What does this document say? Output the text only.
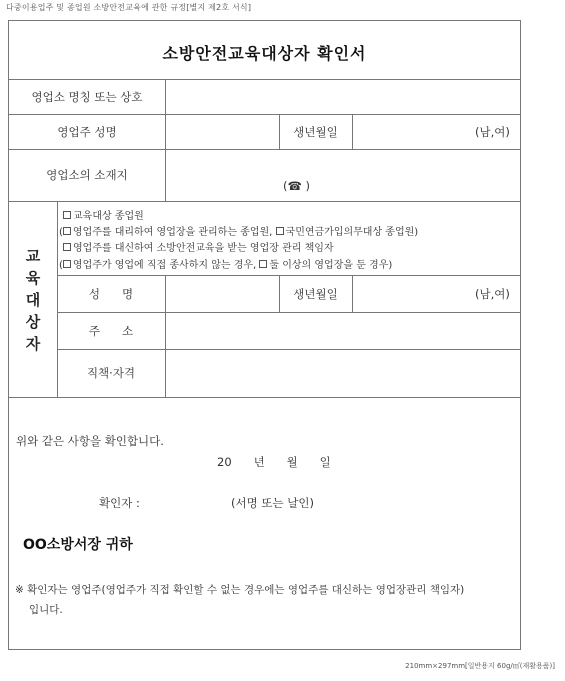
다중이용업주 및 종업원 소방안전교육에 관한 규정[별지 제2호 서식]
소방안전교육대상자 확인서
영업소 명칭 또는 상호
영업주 성명	생년월일	(남,여)
영업소의 소재지
(☎ )
교
육
대
상
자
교육대상 종업원
( 영업주를 대리하여 영업장을 관리하는 종업원, 국민연금가입의무대상 종업원)
영업주를 대신하여 소방안전교육을 받는 영업장 관리 책임자
( 영업주가 영업에 직접 종사하지 않는 경우, 둘 이상의 영업장을 둔 경우)
성      명	생년월일	(남,여)
주      소
직책·자격
위와 같은 사항을 확인합니다.
20      년      월      일
확인자 :	(서명 또는 날인)
OO소방서장 귀하
※ 확인자는 영업주(영업주가 직접 확인할 수 없는 경우에는 영업주를 대신하는 영업장관리 책임자)
입니다.
210mm×297mm[일반용지 60g/㎡(재활용품)]
